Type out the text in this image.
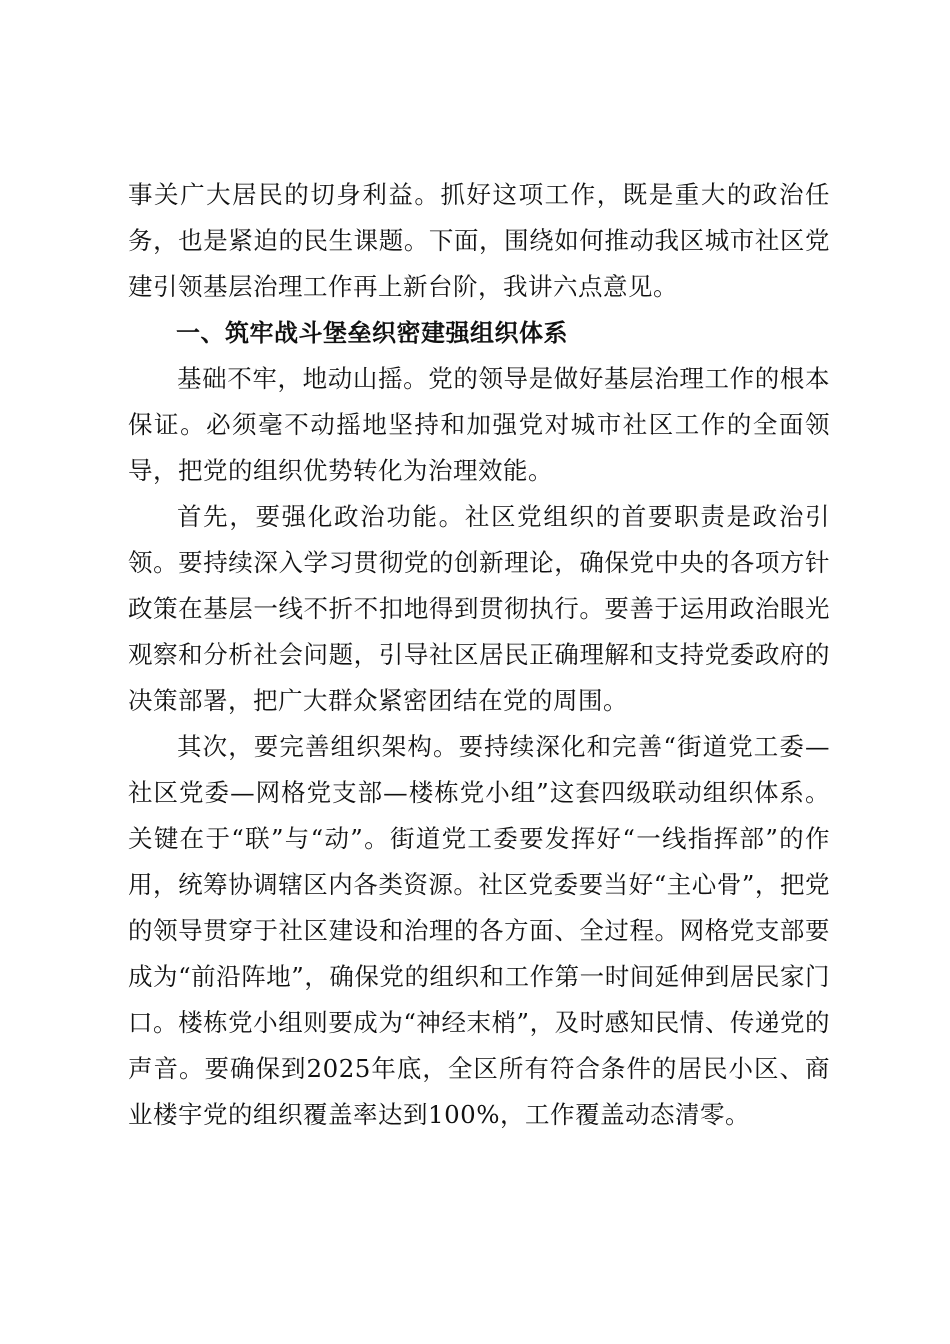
事关广大居民的切身利益。抓好这项工作，既是重大的政治任务，也是紧迫的民生课题。下面，围绕如何推动我区城市社区党建引领基层治理工作再上新台阶，我讲六点意见。

一、筑牢战斗堡垒织密建强组织体系

基础不牢，地动山摇。党的领导是做好基层治理工作的根本保证。必须毫不动摇地坚持和加强党对城市社区工作的全面领导，把党的组织优势转化为治理效能。

首先，要强化政治功能。社区党组织的首要职责是政治引领。要持续深入学习贯彻党的创新理论，确保党中央的各项方针政策在基层一线不折不扣地得到贯彻执行。要善于运用政治眼光观察和分析社会问题，引导社区居民正确理解和支持党委政府的决策部署，把广大群众紧密团结在党的周围。

其次，要完善组织架构。要持续深化和完善“街道党工委—社区党委—网格党支部—楼栋党小组”这套四级联动组织体系。关键在于“联”与“动”。街道党工委要发挥好“一线指挥部”的作用，统筹协调辖区内各类资源。社区党委要当好“主心骨”，把党的领导贯穿于社区建设和治理的各方面、全过程。网格党支部要成为“前沿阵地”，确保党的组织和工作第一时间延伸到居民家门口。楼栋党小组则要成为“神经末梢”，及时感知民情、传递党的声音。要确保到2025年底，全区所有符合条件的居民小区、商业楼宇党的组织覆盖率达到100%，工作覆盖动态清零。
